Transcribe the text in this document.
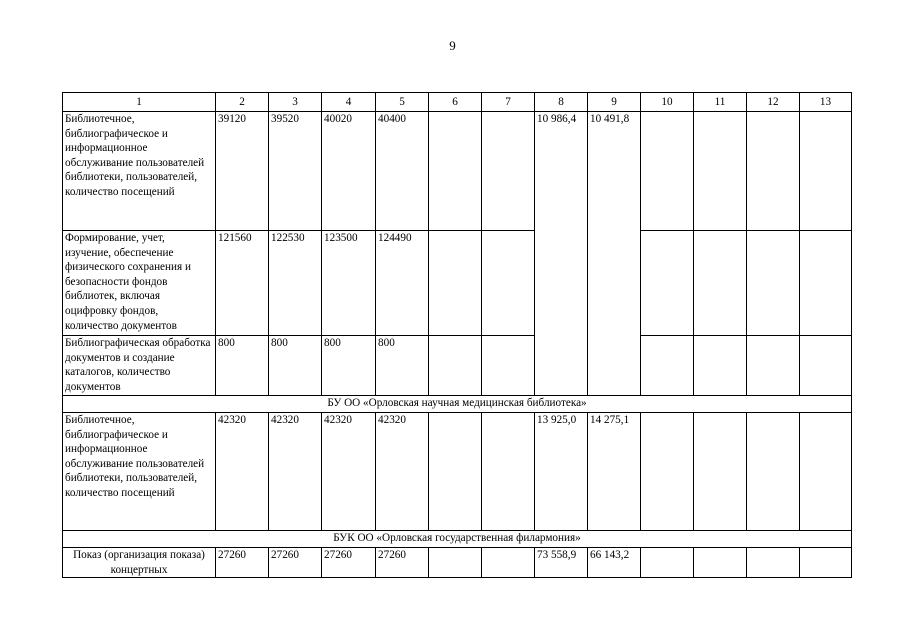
9
1	2	3	4	5	6	7	8	9	10	11	12	13
Библиотечное, библиографическое и информационное обслуживание пользователей библиотеки, пользователей, количество посещений	39120	39520	40020	40400			10 986,4	10 491,8				
Формирование, учет, изучение, обеспечение физического сохранения и безопасности фондов библиотек, включая оцифровку фондов, количество документов	121560	122530	123500	124490								
Библиографическая обработка документов и создание каталогов, количество документов	800	800	800	800								
БУ ОО «Орловская научная медицинская библиотека»												
Библиотечное, библиографическое и информационное обслуживание пользователей библиотеки, пользователей, количество посещений	42320	42320	42320	42320			13 925,0	14 275,1				
БУК ОО «Орловская государственная филармония»												
Показ (организация показа) концертных	27260	27260	27260	27260			73 558,9	66 143,2				
